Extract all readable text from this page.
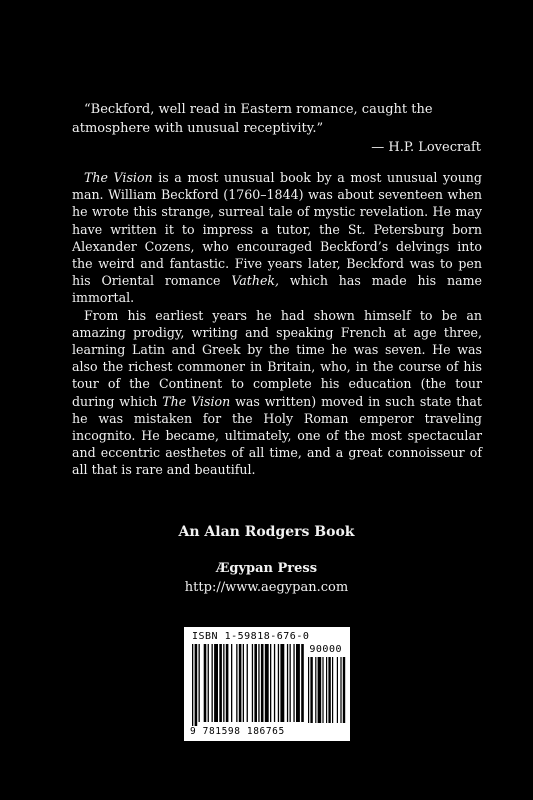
“Beckford, well read in Eastern romance, caught the atmosphere with unusual receptivity.”
— H.P. Lovecraft

The Vision is a most unusual book by a most unusual young man. William Beckford (1760–1844) was about seventeen when he wrote this strange, surreal tale of mystic revelation. He may have written it to impress a tutor, the St. Petersburg born Alexander Cozens, who encouraged Beckford’s delvings into the weird and fantastic. Five years later, Beckford was to pen his Oriental romance Vathek, which has made his name immortal.

From his earliest years he had shown himself to be an amazing prodigy, writing and speaking French at age three, learning Latin and Greek by the time he was seven. He was also the richest commoner in Britain, who, in the course of his tour of the Continent to complete his education (the tour during which The Vision was written) moved in such state that he was mistaken for the Holy Roman emperor traveling incognito. He became, ultimately, one of the most spectacular and eccentric aesthetes of all time, and a great connoisseur of all that is rare and beautiful.

An Alan Rodgers Book
Ægypan Press
http://www.aegypan.com
ISBN 1-59818-676-0
90000
9 781598 186765
